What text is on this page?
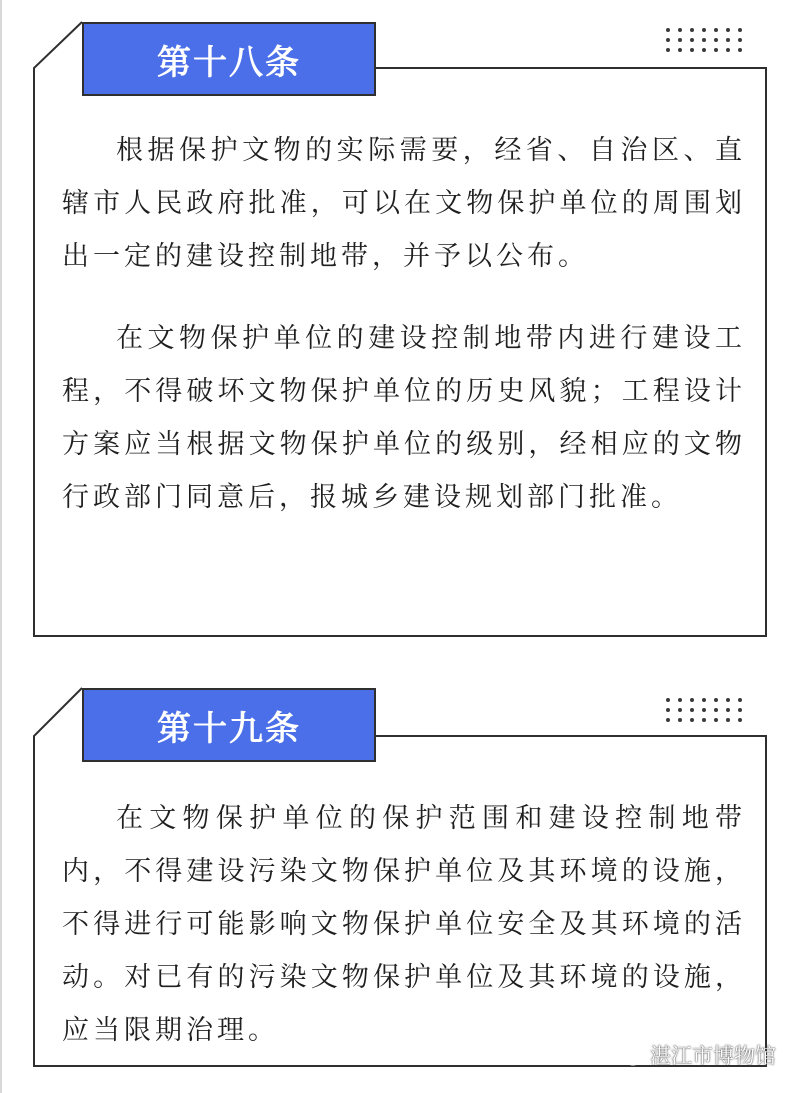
第十八条

根据保护文物的实际需要，经省、自治区、直辖市人民政府批准，可以在文物保护单位的周围划出一定的建设控制地带，并予以公布。

在文物保护单位的建设控制地带内进行建设工程，不得破坏文物保护单位的历史风貌；工程设计方案应当根据文物保护单位的级别，经相应的文物行政部门同意后，报城乡建设规划部门批准。

第十九条

在文物保护单位的保护范围和建设控制地带内，不得建设污染文物保护单位及其环境的设施，不得进行可能影响文物保护单位安全及其环境的活动。对已有的污染文物保护单位及其环境的设施，应当限期治理。

湛江市博物馆
